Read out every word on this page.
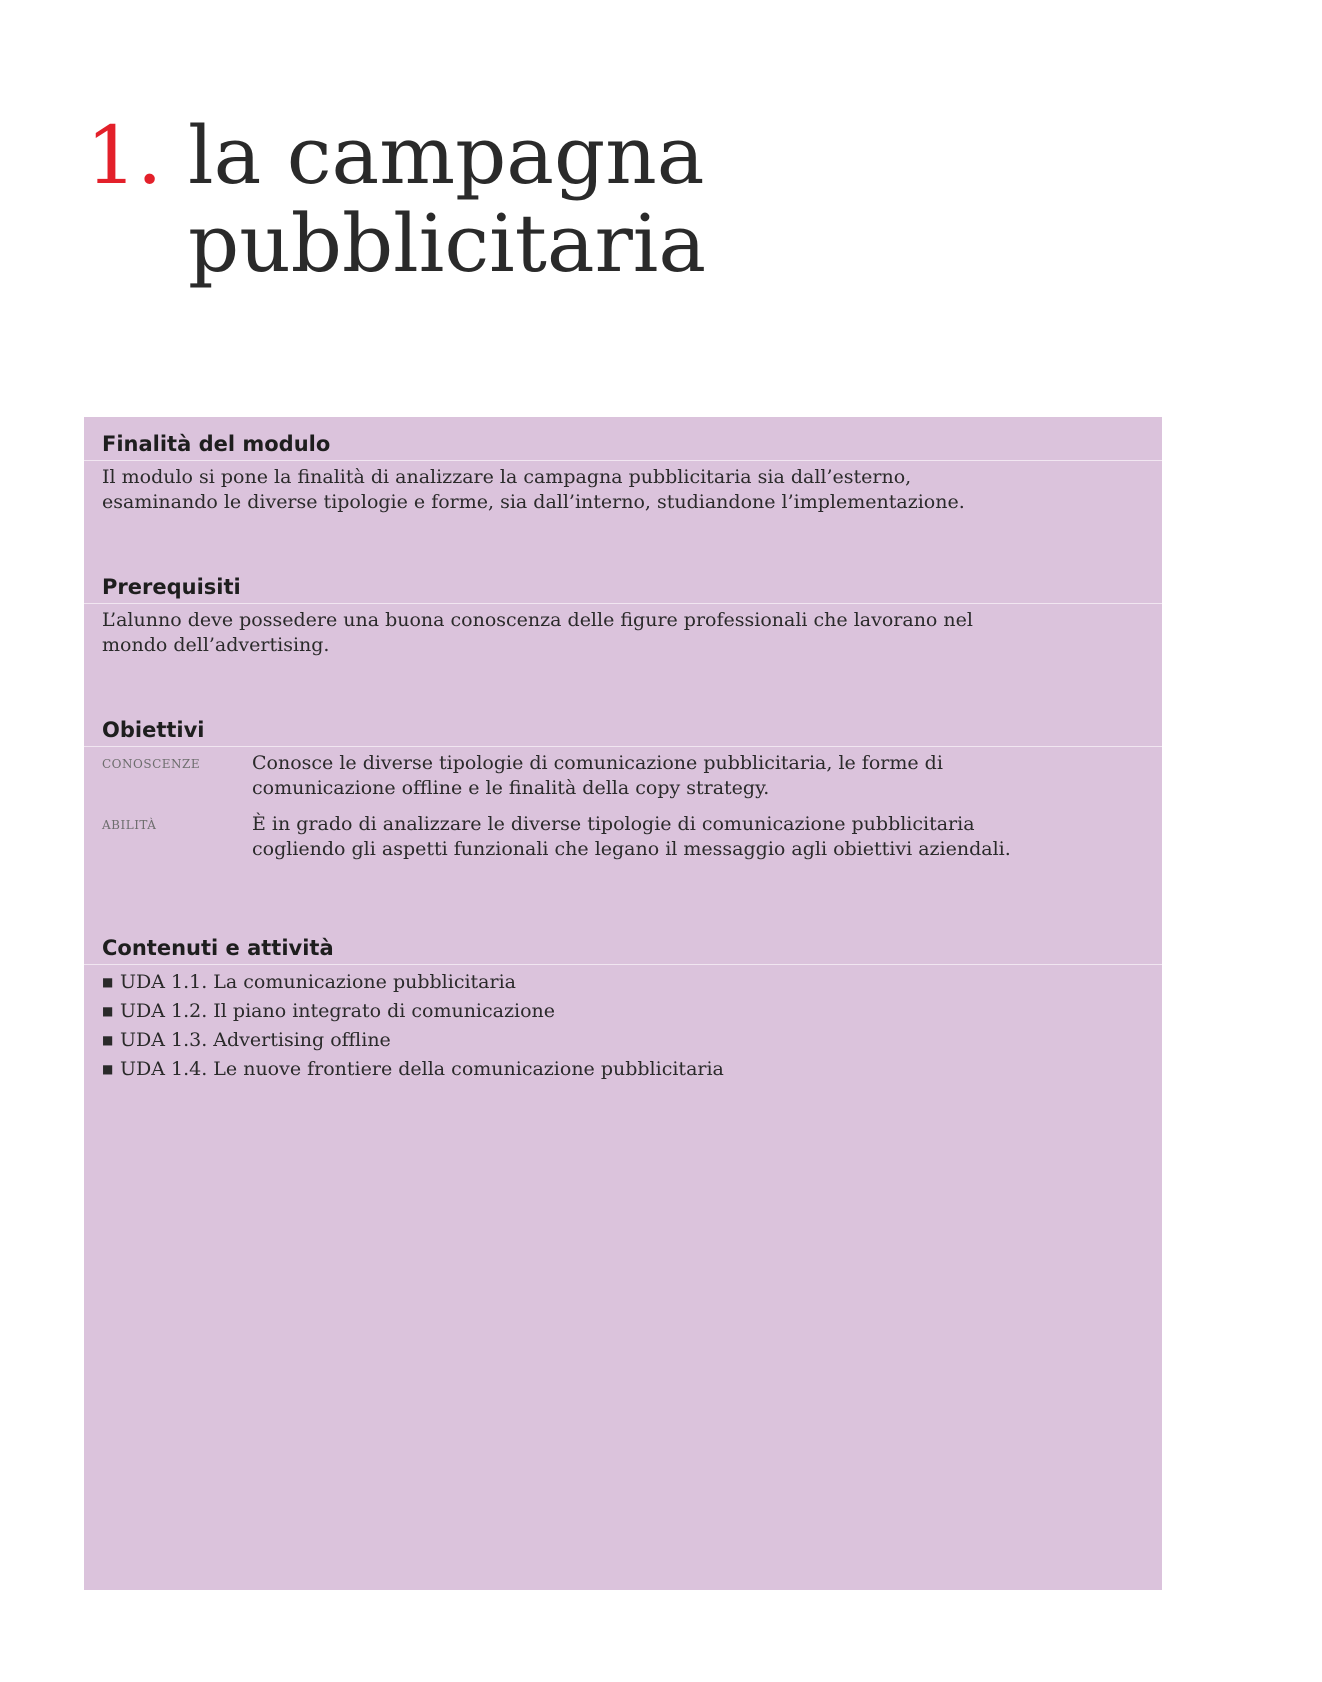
1. la campagna
pubblicitaria
Finalità del modulo
Il modulo si pone la finalità di analizzare la campagna pubblicitaria sia dall’esterno, esaminando le diverse tipologie e forme, sia dall’interno, studiandone l’implementazione.
Prerequisiti
L’alunno deve possedere una buona conoscenza delle figure professionali che lavorano nel mondo dell’advertising.
Obiettivi
CONOSCENZE	Conosce le diverse tipologie di comunicazione pubblicitaria, le forme di comunicazione offline e le finalità della copy strategy.
ABILITÀ	È in grado di analizzare le diverse tipologie di comunicazione pubblicitaria cogliendo gli aspetti funzionali che legano il messaggio agli obiettivi aziendali.
Contenuti e attività
■ UDA 1.1. La comunicazione pubblicitaria
■ UDA 1.2. Il piano integrato di comunicazione
■ UDA 1.3. Advertising offline
■ UDA 1.4. Le nuove frontiere della comunicazione pubblicitaria
